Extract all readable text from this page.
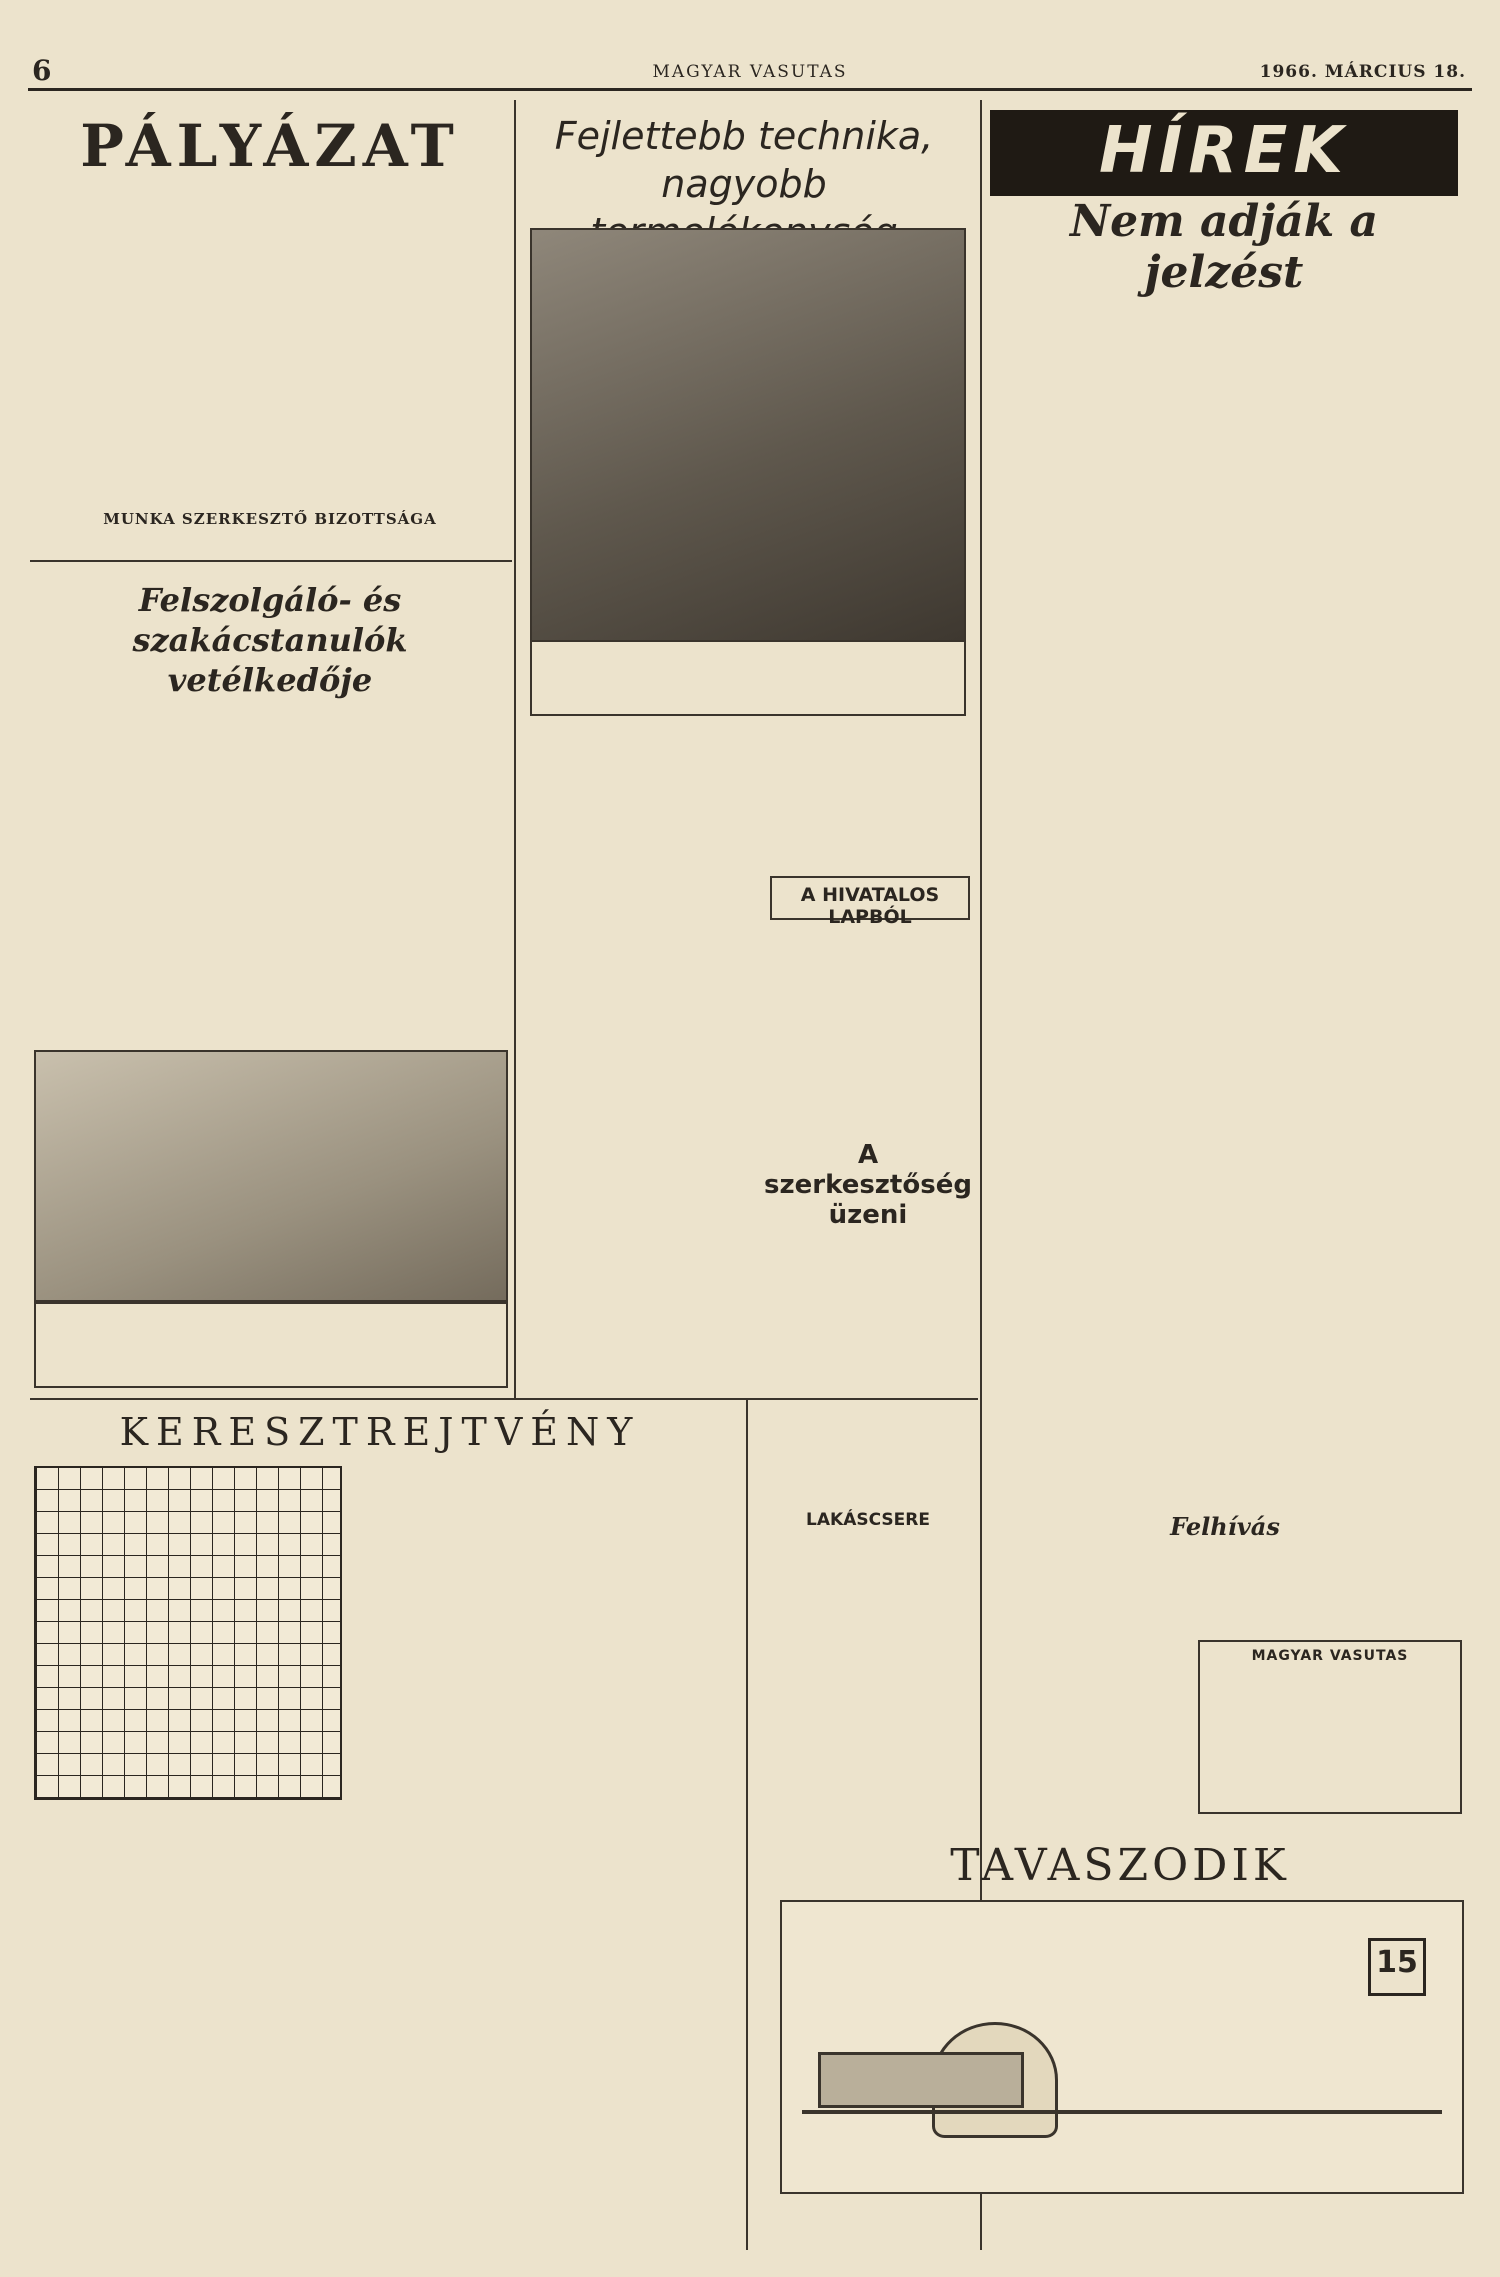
6	MAGYAR VASUTAS	1966. MÁRCIUS 18.
PÁLYÁZAT
MUNKA SZERKESZTŐ BIZOTTSÁGA
Felszolgáló- és szakácstanulók vetélkedője
Fejlettebb technika, nagyobb	HÍREK
Nem adják a jelzést
A HIVATALOS LAPBÓL
A szerkesztőség üzeni
LAKÁSCSERE	Felhívás
MAGYAR VASUTAS
KERESZTREJTVÉNY
TAVASZODIK
15
